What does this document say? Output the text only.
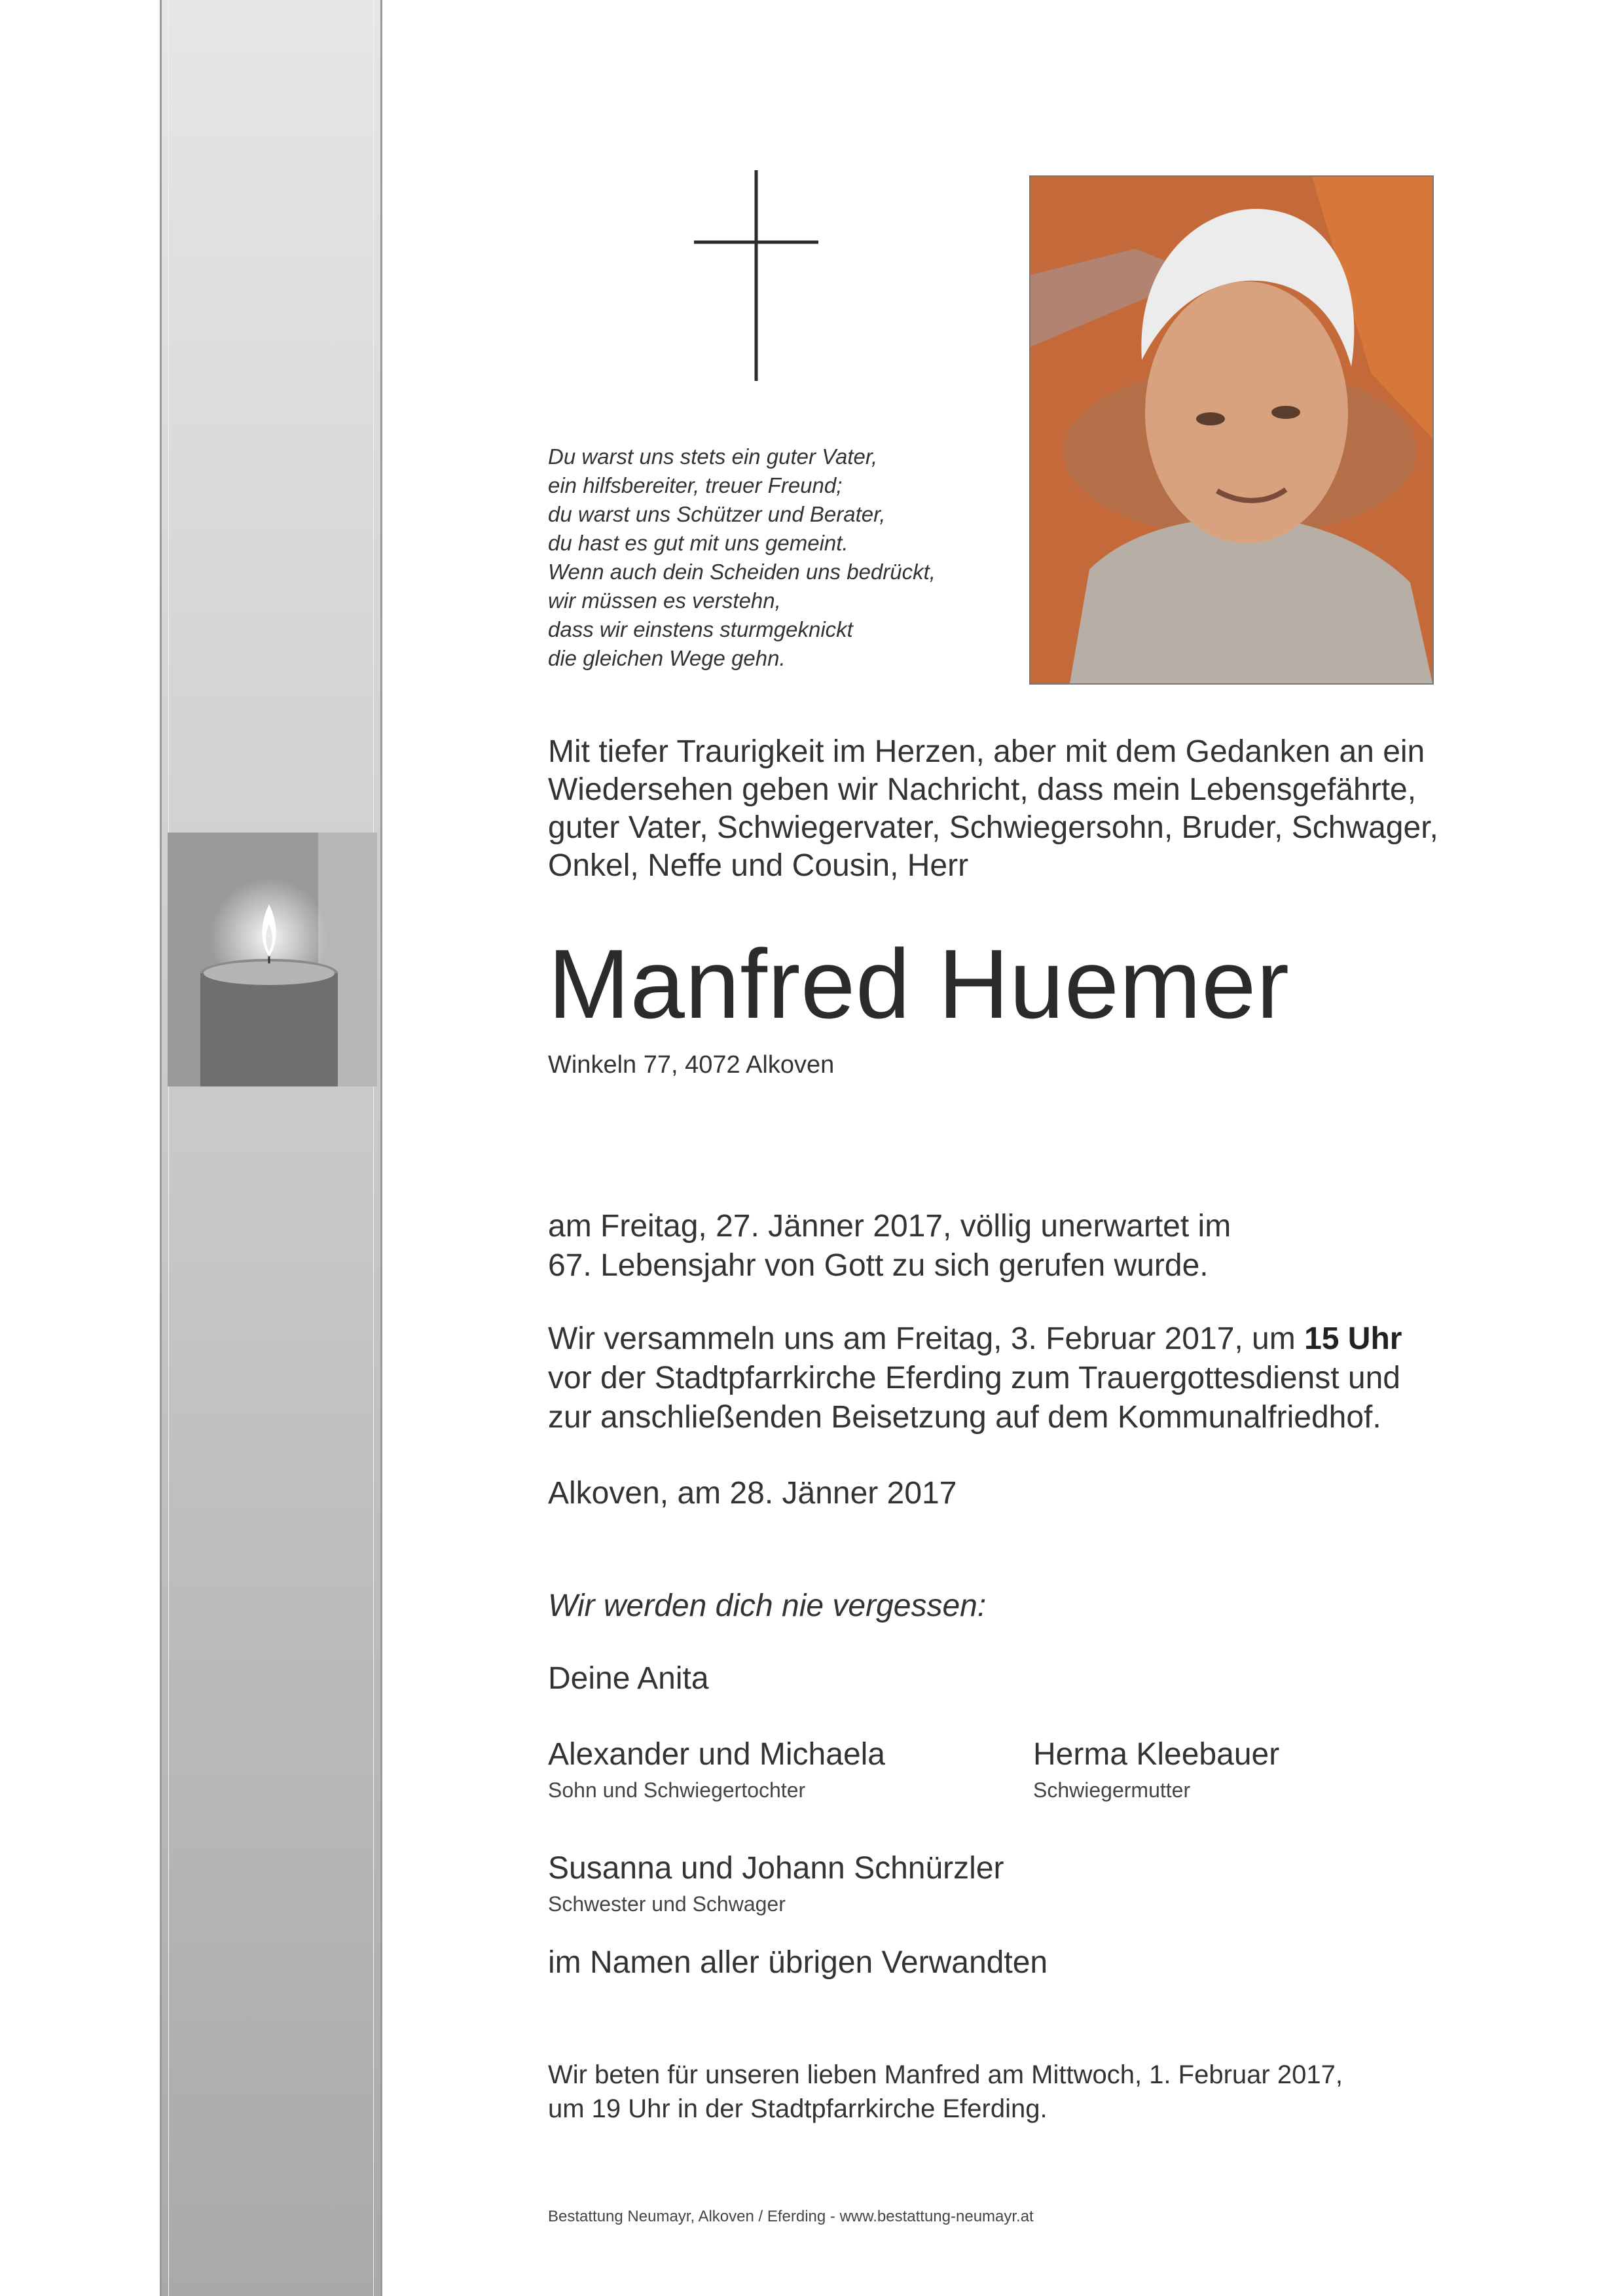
Du warst uns stets ein guter Vater,
ein hilfsbereiter, treuer Freund;
du warst uns Schützer und Berater,
du hast es gut mit uns gemeint.
Wenn auch dein Scheiden uns bedrückt,
wir müssen es verstehn,
dass wir einstens sturmgeknickt
die gleichen Wege gehn.
Mit tiefer Traurigkeit im Herzen, aber mit dem Gedanken an ein
Wiedersehen geben wir Nachricht, dass mein Lebensgefährte,
guter Vater, Schwiegervater, Schwiegersohn, Bruder, Schwager,
Onkel, Neffe und Cousin, Herr
Manfred Huemer
Winkeln 77, 4072 Alkoven
am Freitag, 27. Jänner 2017, völlig unerwartet im
67. Lebensjahr von Gott zu sich gerufen wurde.
Wir versammeln uns am Freitag, 3. Februar 2017, um 15 Uhr
vor der Stadtpfarrkirche Eferding zum Trauergottesdienst und
zur anschließenden Beisetzung auf dem Kommunalfriedhof.
Alkoven, am 28. Jänner 2017
Wir werden dich nie vergessen:
Deine Anita
Alexander und Michaela
Sohn und Schwiegertochter
Herma Kleebauer
Schwiegermutter
Susanna und Johann Schnürzler
Schwester und Schwager
im Namen aller übrigen Verwandten
Wir beten für unseren lieben Manfred am Mittwoch, 1. Februar 2017,
um 19 Uhr in der Stadtpfarrkirche Eferding.
Bestattung Neumayr, Alkoven / Eferding - www.bestattung-neumayr.at
